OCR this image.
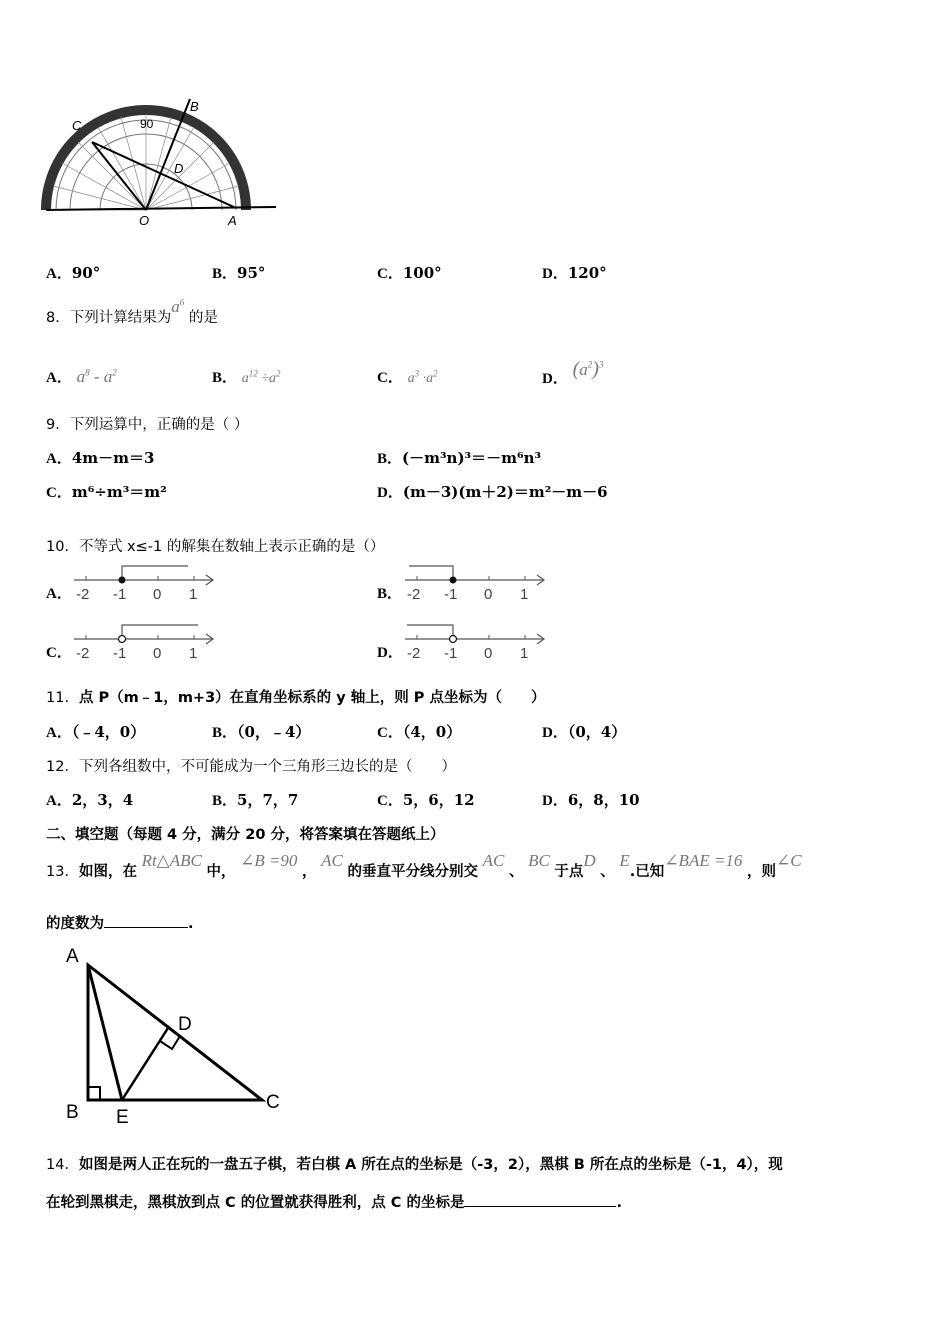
90
C
B
D
O	A
A．90°	B．95°	C．100°	D．120°
8．下列计算结果为$a^6$ 的是
A． $a^8 - a^2$	B． $a^{12} \div a^2$	C． $a^3 \cdot a^2$	D． $(a^2)^3$
9．下列运算中，正确的是（ ）
A．4m－m＝3	B．(－m³n)³＝－m⁶n³
C．m⁶÷m³＝m²	D．(m－3)(m＋2)＝m²－m－6
10．不等式 x≤-1 的解集在数轴上表示正确的是（）
A． -2 -1 0 1	B． -2 -1 0 1
C． -2 -1 0 1	D． -2 -1 0 1
11．点 P（m﹣1，m+3）在直角坐标系的 y 轴上，则 P 点坐标为（　　）
A．（﹣4，0）	B．（0，﹣4）	C．（4，0）	D．（0，4）
12．下列各组数中，不可能成为一个三角形三边长的是（　　）
A．2，3，4	B．5，7，7	C．5，6，12	D．6，8，10
二、填空题（每题 4 分，满分 20 分，将答案填在答题纸上）
13．如图，在 Rt△ABC 中， ∠B =90 ， AC 的垂直平分线分别交 AC 、 BC 于点D 、 E.已知∠BAE =16 ，则∠C
的度数为	.
A
B E
D
C
14．如图是两人正在玩的一盘五子棋，若白棋 A 所在点的坐标是（-3，2），黑棋 B 所在点的坐标是（-1，4），现
在轮到黑棋走，黑棋放到点 C 的位置就获得胜利，点 C 的坐标是	.
